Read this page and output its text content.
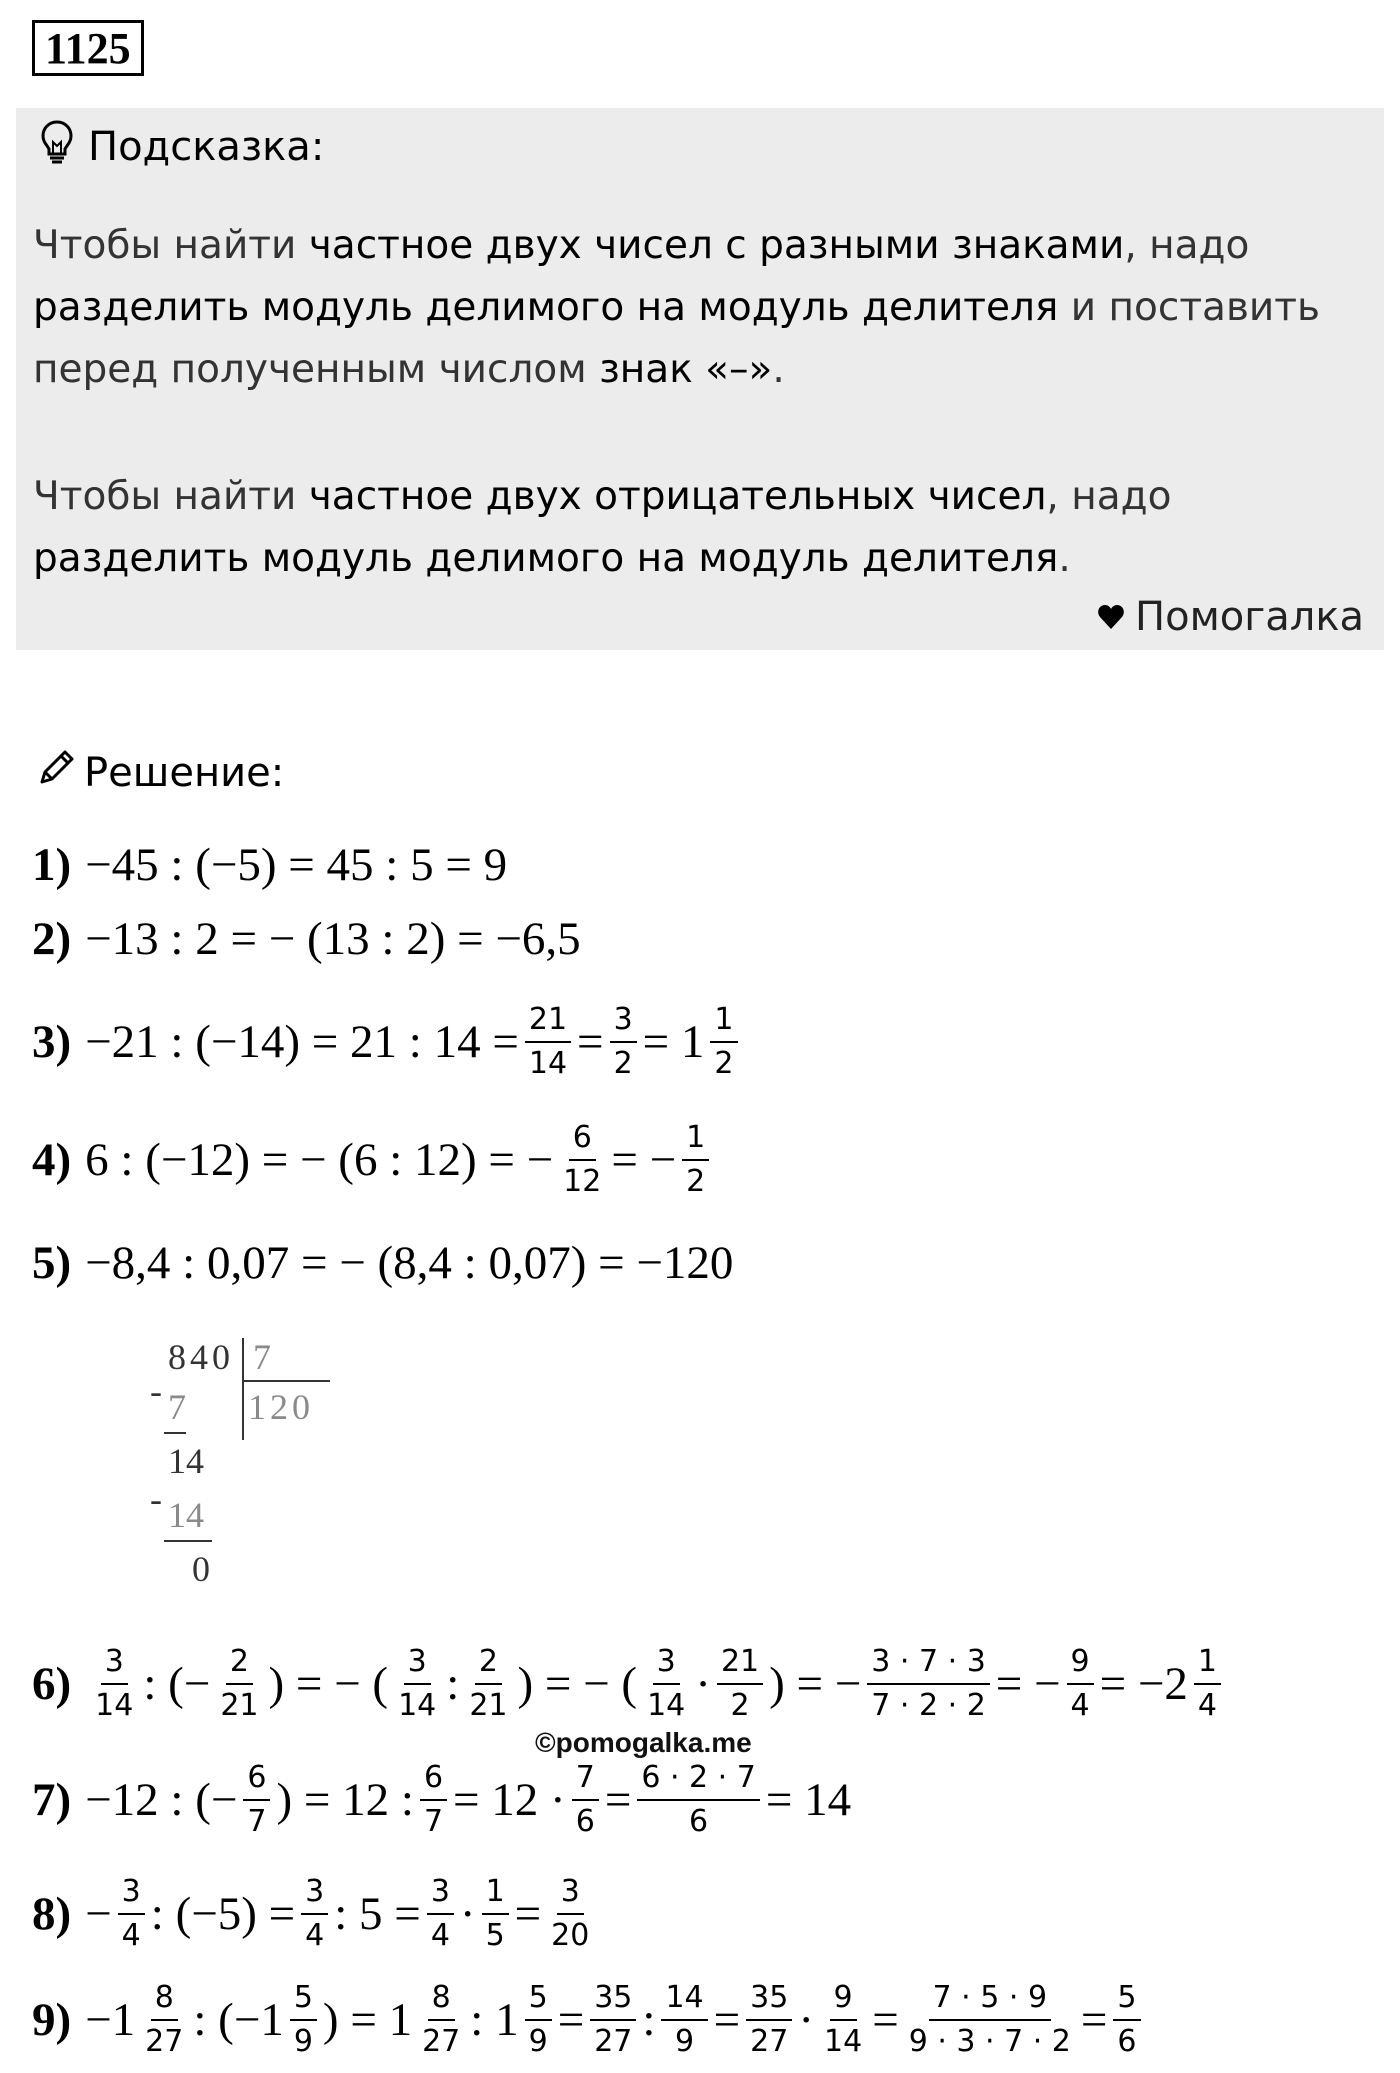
1125
Подсказка:
Чтобы найти частное двух чисел с разными знаками, надо разделить модуль делимого на модуль делителя и поставить перед полученным числом знак «–».
Чтобы найти частное двух отрицательных чисел, надо разделить модуль делимого на модуль делителя.
Помогалка
Решение:
1) −45 : (−5) = 45 : 5 = 9
2) −13 : 2 = − (13 : 2) = −6,5
3) −21 : (−14) = 21 : $14 = \frac{21}{14} = \frac{3}{2} = 1 \frac{1}{2}$
4) 6 : (−12) = − (6 : 12) = − $\frac{6}{12}$ = − $\frac{1}{2}$
5) −8,4 : 0,07 = − (8,4 : 0,07) = −120
840 7
120
- 7
14
- 14
0
$6) \frac{3}{14}$ : (− $\frac{2}{21}$ ) = − ( $\frac{3}{14}$ : $\frac{2}{21}$ ) = − ( $\frac{3}{14} \cdot \frac{21}{2}$ ) = − $\frac{3 \cdot 7 \cdot 3}{7 \cdot 2 \cdot 2}$ = − $\frac{9}{4} = -2 \frac{1}{4}$
©pomogalka.me
7) −12 : (− $\frac{6}{7}$ ) = 12 : $\frac{6}{7} = 12 \cdot \frac{7}{6} = \frac{6 \cdot 2 \cdot 7}{6} = 14$
$8) - \frac{3}{4}$ : $(-5) = \frac{3}{4}$ : $5 = \frac{3}{4} \cdot \frac{1}{5} = \frac{3}{20}$
$9) -1 \frac{8}{27}$ : ($-1 \frac{5}{9}$ ) = $1 \frac{8}{27}$ : $1 \frac{5}{9} = \frac{35}{27}$ : $\frac{14}{9} = \frac{35}{27} \cdot \frac{9}{14} = \frac{7 \cdot 5 \cdot 9}{9 \cdot 3 \cdot 7 \cdot 2} = \frac{5}{6}$
